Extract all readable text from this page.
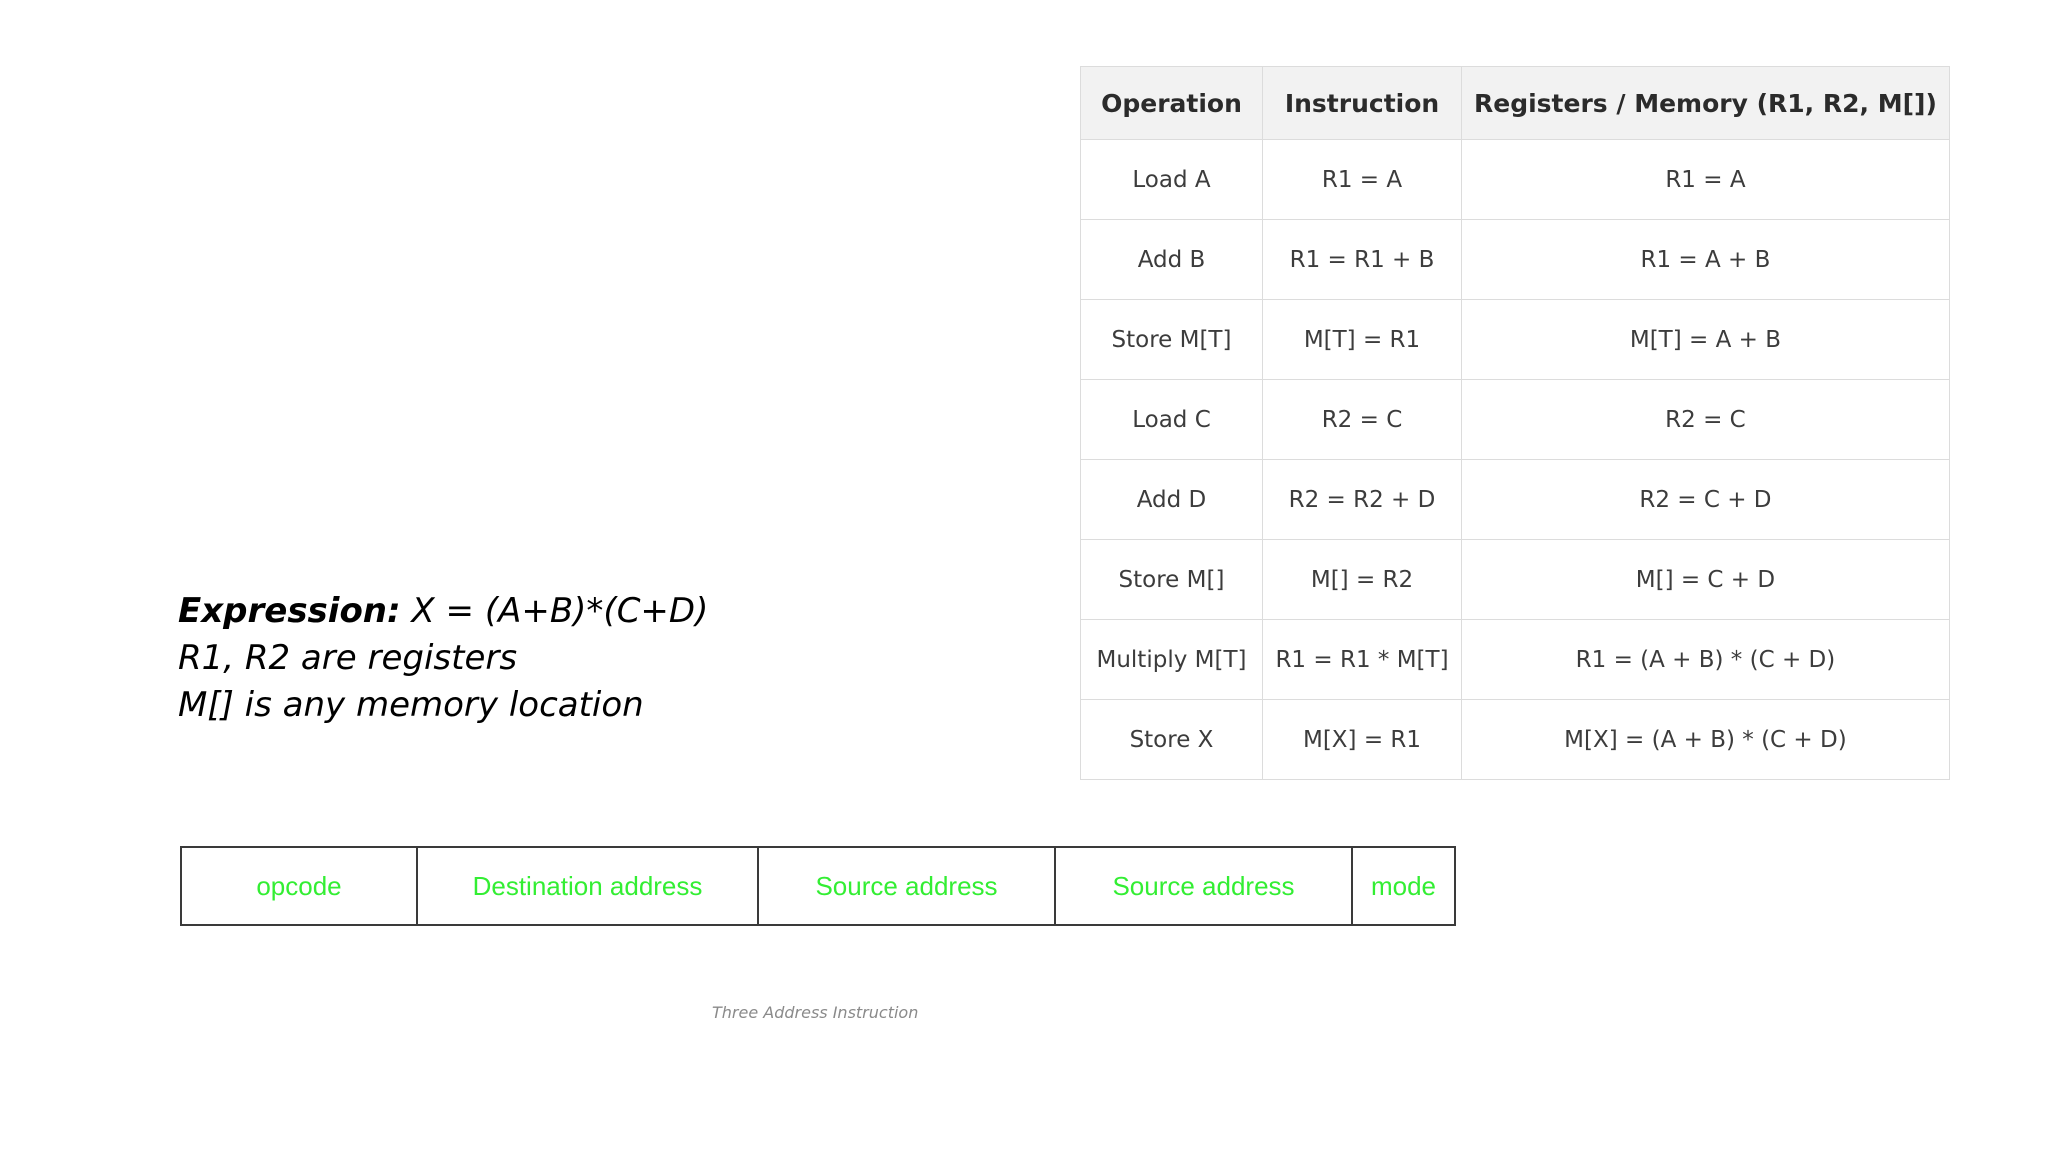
Expression: X = (A+B)*(C+D)
R1, R2 are registers
M[] is any memory location
Operation	Instruction	Registers / Memory (R1, R2, M[])
Load A	R1 = A	R1 = A
Add B	R1 = R1 + B	R1 = A + B
Store M[T]	M[T] = R1	M[T] = A + B
Load C	R2 = C	R2 = C
Add D	R2 = R2 + D	R2 = C + D
Store M[]	M[] = R2	M[] = C + D
Multiply M[T]	R1 = R1 * M[T]	R1 = (A + B) * (C + D)
Store X	M[X] = R1	M[X] = (A + B) * (C + D)
opcode	Destination address	Source address	Source address	mode
Three Address Instruction
